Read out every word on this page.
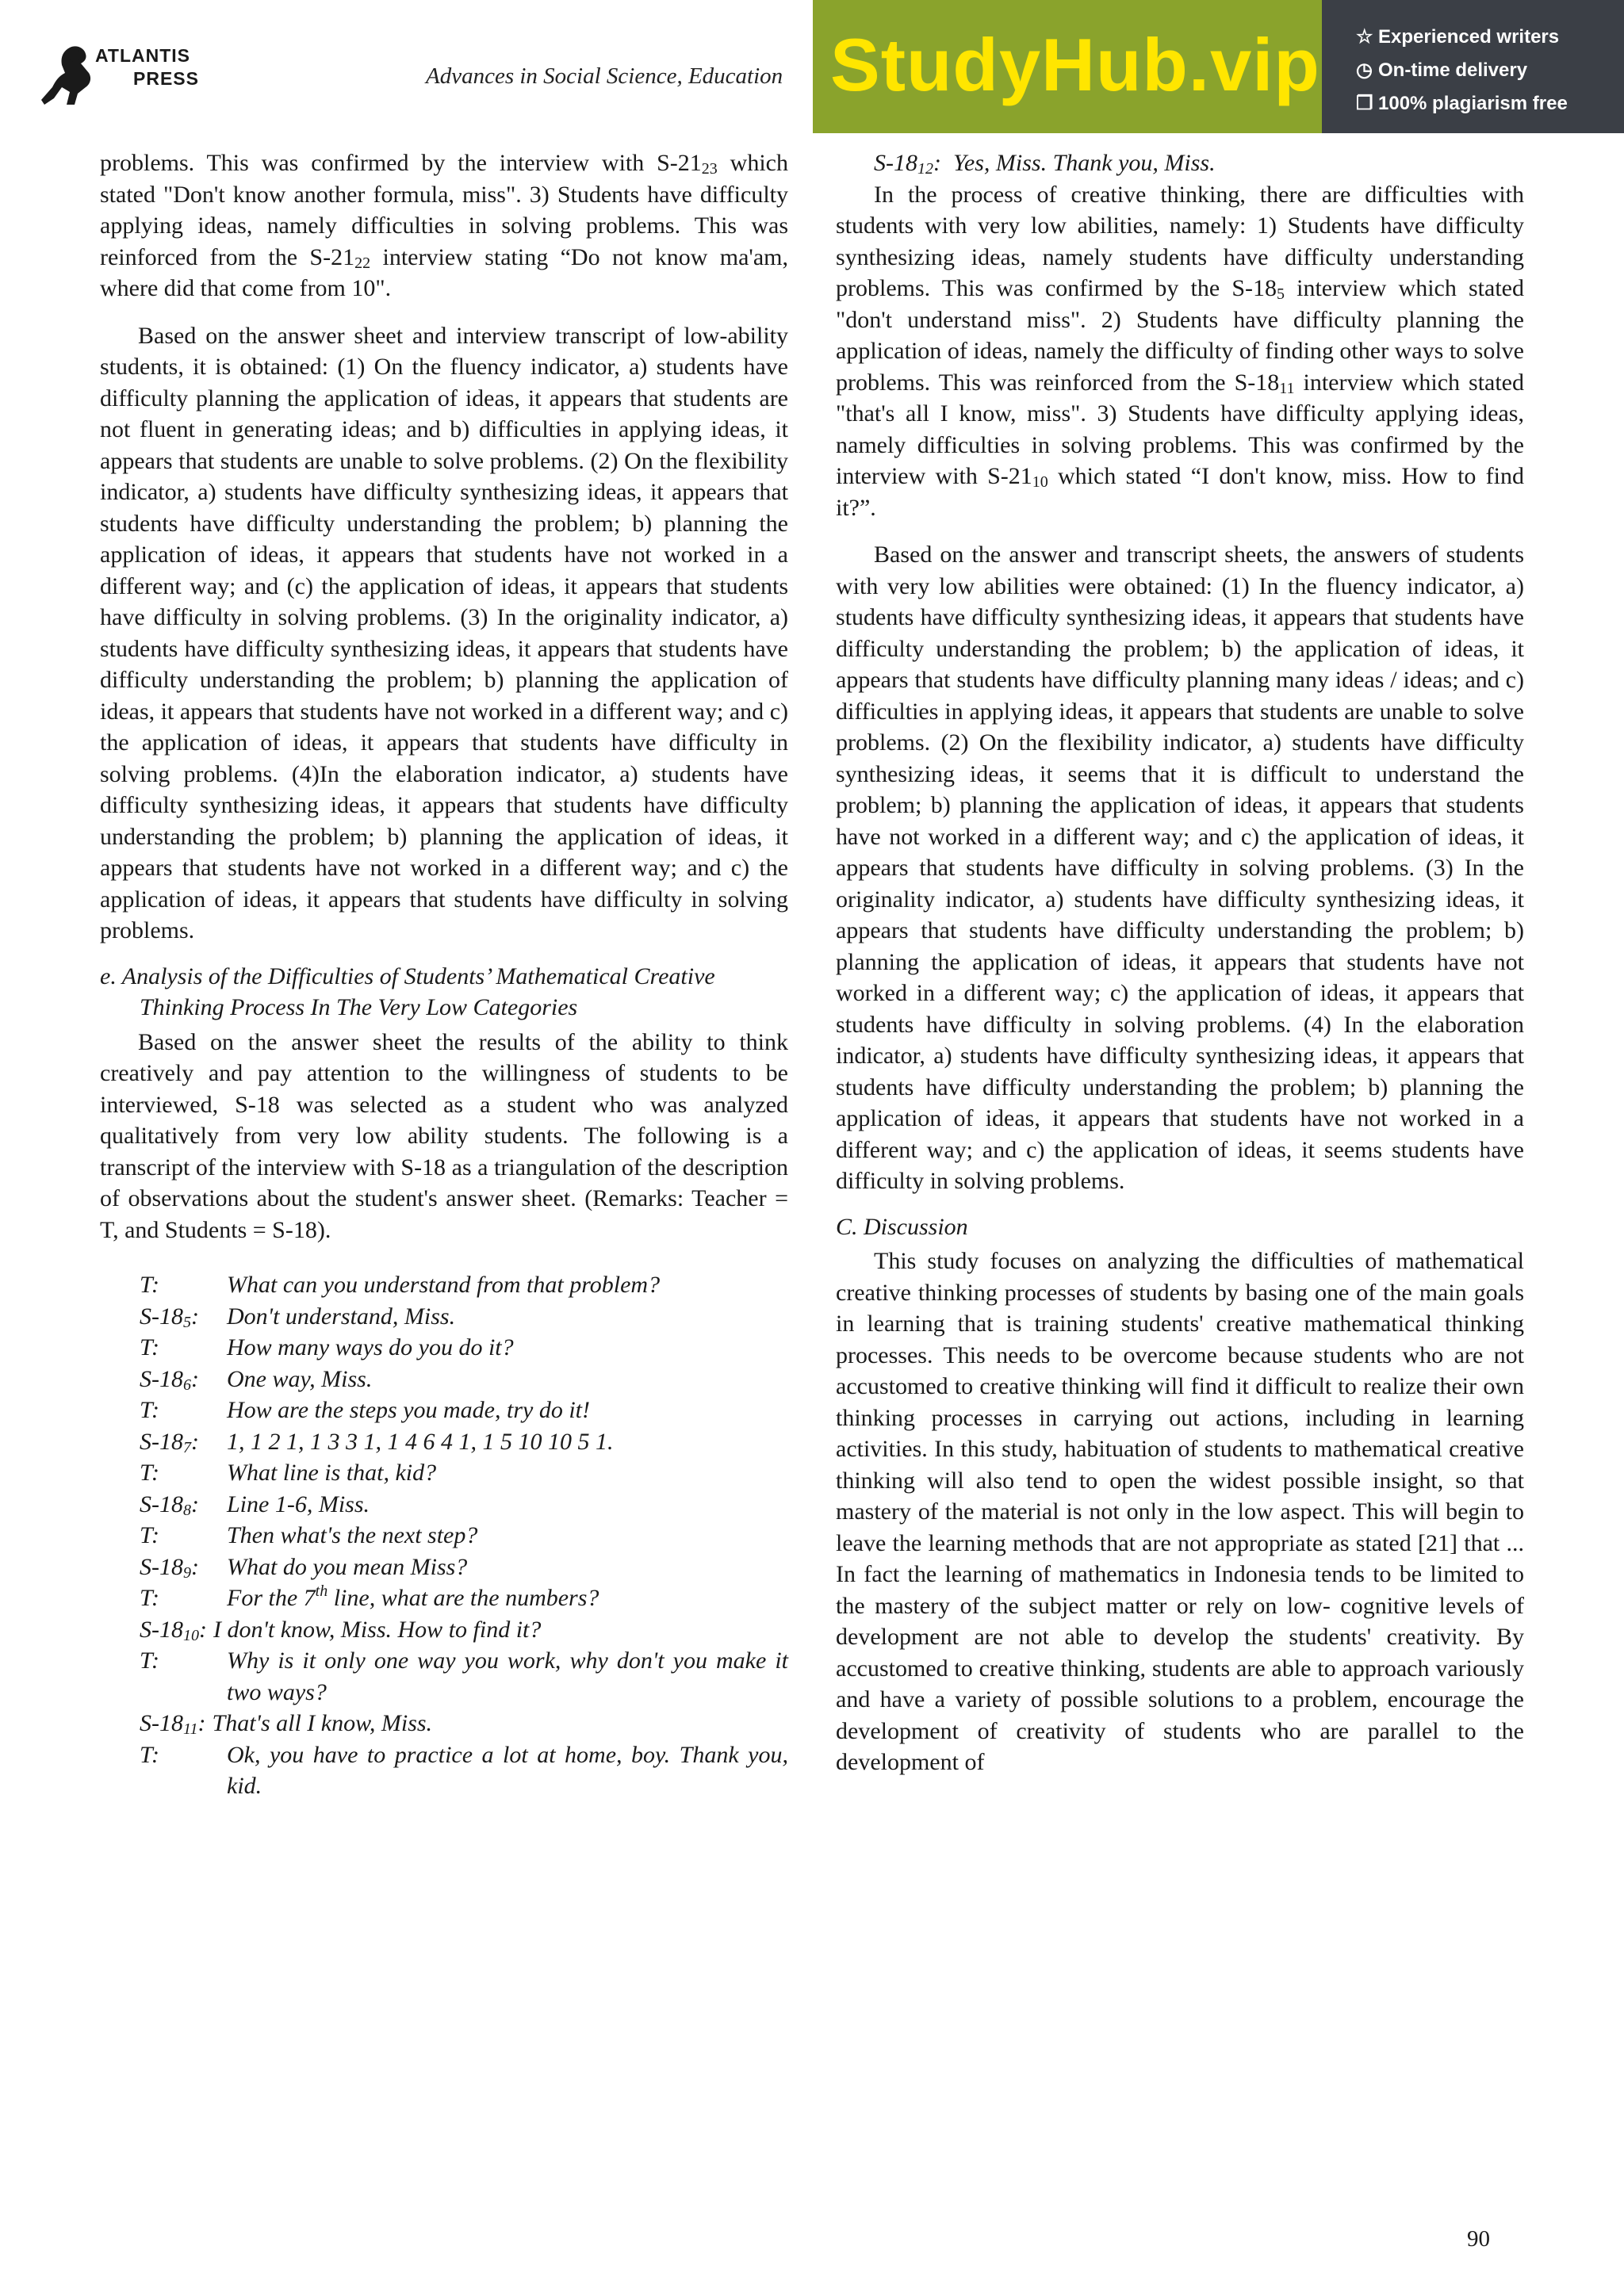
ATLANTIS
PRESS	Advances in Social Science, Education StudyHub.vip ☆ Experienced writers
◷ On-time delivery
❐ 100% plagiarism free

problems. This was confirmed by the interview with $S-21_{23}$ which stated "Don't know another formula, miss". 3) Students have difficulty applying ideas, namely difficulties in solving problems. This was reinforced from the $S-21_{22}$ interview stating “Do not know ma'am, where did that come from 10".

Based on the answer sheet and interview transcript of low-ability students, it is obtained: (1) On the fluency indicator, a) students have difficulty planning the application of ideas, it appears that students are not fluent in generating ideas; and b) difficulties in applying ideas, it appears that students are unable to solve problems. (2) On the flexibility indicator, a) students have difficulty synthesizing ideas, it appears that students have difficulty understanding the problem; b) planning the application of ideas, it appears that students have not worked in a different way; and (c) the application of ideas, it appears that students have difficulty in solving problems. (3) In the originality indicator, a) students have difficulty synthesizing ideas, it appears that students have difficulty understanding the problem; b) planning the application of ideas, it appears that students have not worked in a different way; and c) the application of ideas, it appears that students have difficulty in solving problems. (4)In the elaboration indicator, a) students have difficulty synthesizing ideas, it appears that students have difficulty understanding the problem; b) planning the application of ideas, it appears that students have not worked in a different way; and c) the application of ideas, it appears that students have difficulty in solving problems.

e. Analysis of the Difficulties of Students’ Mathematical Creative Thinking Process In The Very Low Categories

Based on the answer sheet the results of the ability to think creatively and pay attention to the willingness of students to be interviewed, S-18 was selected as a student who was analyzed qualitatively from very low ability students. The following is a transcript of the interview with S-18 as a triangulation of the description of observations about the student's answer sheet. (Remarks: Teacher = T, and Students = S-18).

T:	What can you understand from that problem?
$S-18_5$:	Don't understand, Miss.
T:	How many ways do you do it?
$S-18_6$:	One way, Miss.
T:	How are the steps you made, try do it!
$S-18_7$:	1, 1 2 1, 1 3 3 1, 1 4 6 4 1, 1 5 10 10 5 1.
T:	What line is that, kid?
$S-18_8$:	Line 1-6, Miss.
T:	Then what's the next step?
$S-18_9$:	What do you mean Miss?
T:	For the 7th line, what are the numbers?
$S-18_{10}$: I don't know, Miss. How to find it?
T:	Why is it only one way you work, why don't you make it two ways?
$S-18_{11}$: That's all I know, Miss.
T:	Ok, you have to practice a lot at home, boy. Thank you, kid.
$S-18_{12}$: Yes, Miss. Thank you, Miss.

In the process of creative thinking, there are difficulties with students with very low abilities, namely: 1) Students have difficulty synthesizing ideas, namely students have difficulty understanding problems. This was confirmed by the $S-18_5$ interview which stated "don't understand miss". 2) Students have difficulty planning the application of ideas, namely the difficulty of finding other ways to solve problems. This was reinforced from the $S-18_{11}$ interview which stated "that's all I know, miss". 3) Students have difficulty applying ideas, namely difficulties in solving problems. This was confirmed by the interview with $S-21_{10}$ which stated “I don't know, miss. How to find it?”.

Based on the answer and transcript sheets, the answers of students with very low abilities were obtained: (1) In the fluency indicator, a) students have difficulty synthesizing ideas, it appears that students have difficulty understanding the problem; b) the application of ideas, it appears that students have difficulty planning many ideas / ideas; and c) difficulties in applying ideas, it appears that students are unable to solve problems. (2) On the flexibility indicator, a) students have difficulty synthesizing ideas, it seems that it is difficult to understand the problem; b) planning the application of ideas, it appears that students have not worked in a different way; and c) the application of ideas, it appears that students have difficulty in solving problems. (3) In the originality indicator, a) students have difficulty synthesizing ideas, it appears that students have difficulty understanding the problem; b) planning the application of ideas, it appears that students have not worked in a different way; c) the application of ideas, it appears that students have difficulty in solving problems. (4) In the elaboration indicator, a) students have difficulty synthesizing ideas, it appears that students have difficulty understanding the problem; b) planning the application of ideas, it appears that students have not worked in a different way; and c) the application of ideas, it seems students have difficulty in solving problems.

C. Discussion

This study focuses on analyzing the difficulties of mathematical creative thinking processes of students by basing one of the main goals in learning that is training students' creative mathematical thinking processes. This needs to be overcome because students who are not accustomed to creative thinking will find it difficult to realize their own thinking processes in carrying out actions, including in learning activities. In this study, habituation of students to mathematical creative thinking will also tend to open the widest possible insight, so that mastery of the material is not only in the low aspect. This will begin to leave the learning methods that are not appropriate as stated [21] that ... In fact the learning of mathematics in Indonesia tends to be limited to the mastery of the subject matter or rely on low- cognitive levels of development are not able to develop the students' creativity. By accustomed to creative thinking, students are able to approach variously and have a variety of possible solutions to a problem, encourage the development of creativity of students who are parallel to the development of

90
